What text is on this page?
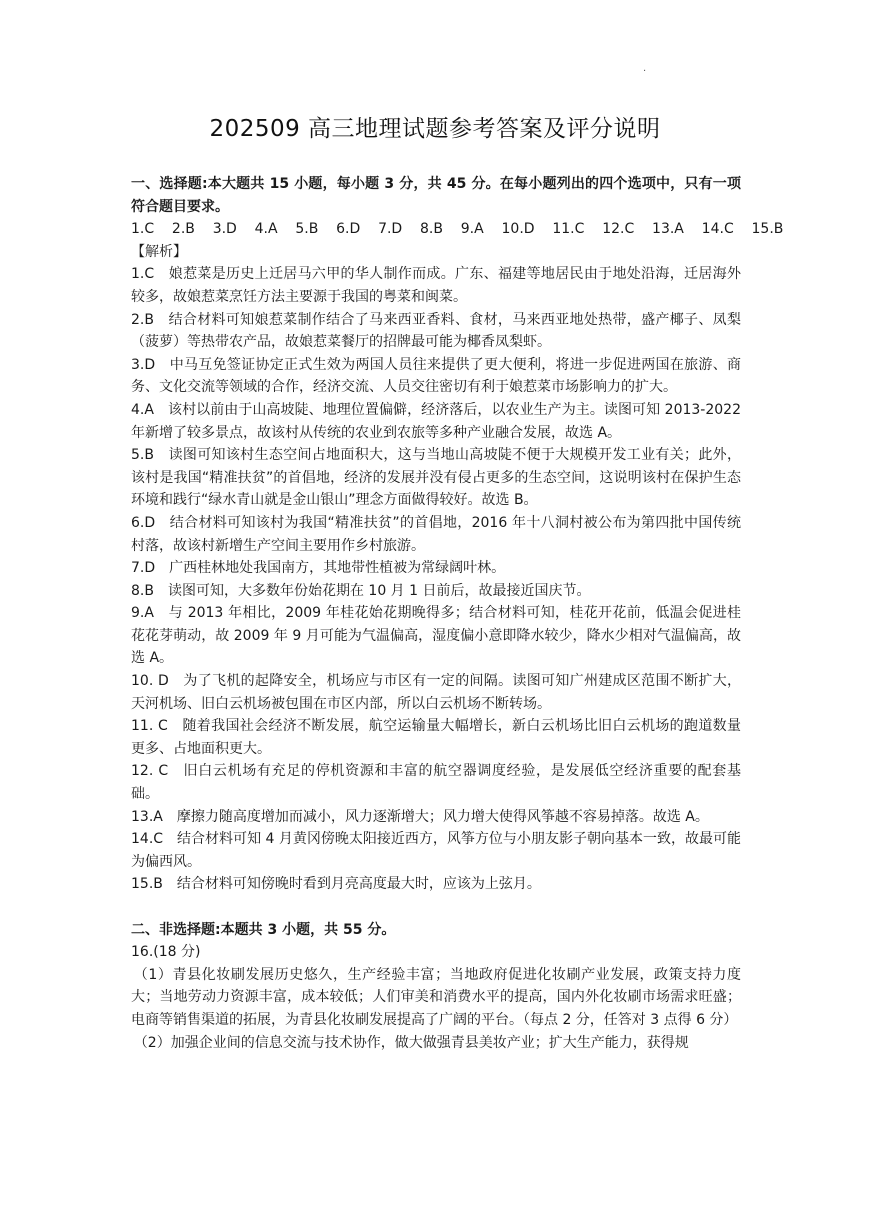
·
202509 高三地理试题参考答案及评分说明

一、选择题:本大题共 15 小题，每小题 3 分，共 45 分。在每小题列出的四个选项中，只有一项符合题目要求。

1.C    2.B    3.D    4.A    5.B    6.D    7.D    8.B    9.A    10.D    11.C    12.C    13.A    14.C    15.B

【解析】

1.C　娘惹菜是历史上迁居马六甲的华人制作而成。广东、福建等地居民由于地处沿海，迁居海外较多，故娘惹菜烹饪方法主要源于我国的粤菜和闽菜。

2.B　结合材料可知娘惹菜制作结合了马来西亚香料、食材，马来西亚地处热带，盛产椰子、凤梨（菠萝）等热带农产品，故娘惹菜餐厅的招牌最可能为椰香凤梨虾。

3.D　中马互免签证协定正式生效为两国人员往来提供了更大便利，将进一步促进两国在旅游、商务、文化交流等领域的合作，经济交流、人员交往密切有利于娘惹菜市场影响力的扩大。

4.A　该村以前由于山高坡陡、地理位置偏僻，经济落后，以农业生产为主。读图可知 2013-2022 年新增了较多景点，故该村从传统的农业到农旅等多种产业融合发展，故选 A。

5.B　读图可知该村生态空间占地面积大，这与当地山高坡陡不便于大规模开发工业有关；此外，该村是我国“精准扶贫”的首倡地，经济的发展并没有侵占更多的生态空间，这说明该村在保护生态环境和践行“绿水青山就是金山银山”理念方面做得较好。故选 B。

6.D　结合材料可知该村为我国“精准扶贫”的首倡地，2016 年十八洞村被公布为第四批中国传统村落，故该村新增生产空间主要用作乡村旅游。

7.D　广西桂林地处我国南方，其地带性植被为常绿阔叶林。

8.B　读图可知，大多数年份始花期在 10 月 1 日前后，故最接近国庆节。

9.A　与 2013 年相比，2009 年桂花始花期晚得多；结合材料可知，桂花开花前，低温会促进桂花花芽萌动，故 2009 年 9 月可能为气温偏高，湿度偏小意即降水较少，降水少相对气温偏高，故选 A。

10. D　为了飞机的起降安全，机场应与市区有一定的间隔。读图可知广州建成区范围不断扩大，天河机场、旧白云机场被包围在市区内部，所以白云机场不断转场。

11. C　随着我国社会经济不断发展，航空运输量大幅增长，新白云机场比旧白云机场的跑道数量更多、占地面积更大。

12. C　旧白云机场有充足的停机资源和丰富的航空器调度经验，是发展低空经济重要的配套基础。

13.A　摩擦力随高度增加而减小，风力逐渐增大；风力增大使得风筝越不容易掉落。故选 A。

14.C　结合材料可知 4 月黄冈傍晚太阳接近西方，风筝方位与小朋友影子朝向基本一致，故最可能为偏西风。

15.B　结合材料可知傍晚时看到月亮高度最大时，应该为上弦月。

二、非选择题:本题共 3 小题，共 55 分。

16.(18 分)

（1）青县化妆刷发展历史悠久，生产经验丰富；当地政府促进化妆刷产业发展，政策支持力度大；当地劳动力资源丰富，成本较低；人们审美和消费水平的提高，国内外化妆刷市场需求旺盛；电商等销售渠道的拓展，为青县化妆刷发展提高了广阔的平台。（每点 2 分，任答对 3 点得 6 分）

（2）加强企业间的信息交流与技术协作，做大做强青县美妆产业；扩大生产能力，获得规
